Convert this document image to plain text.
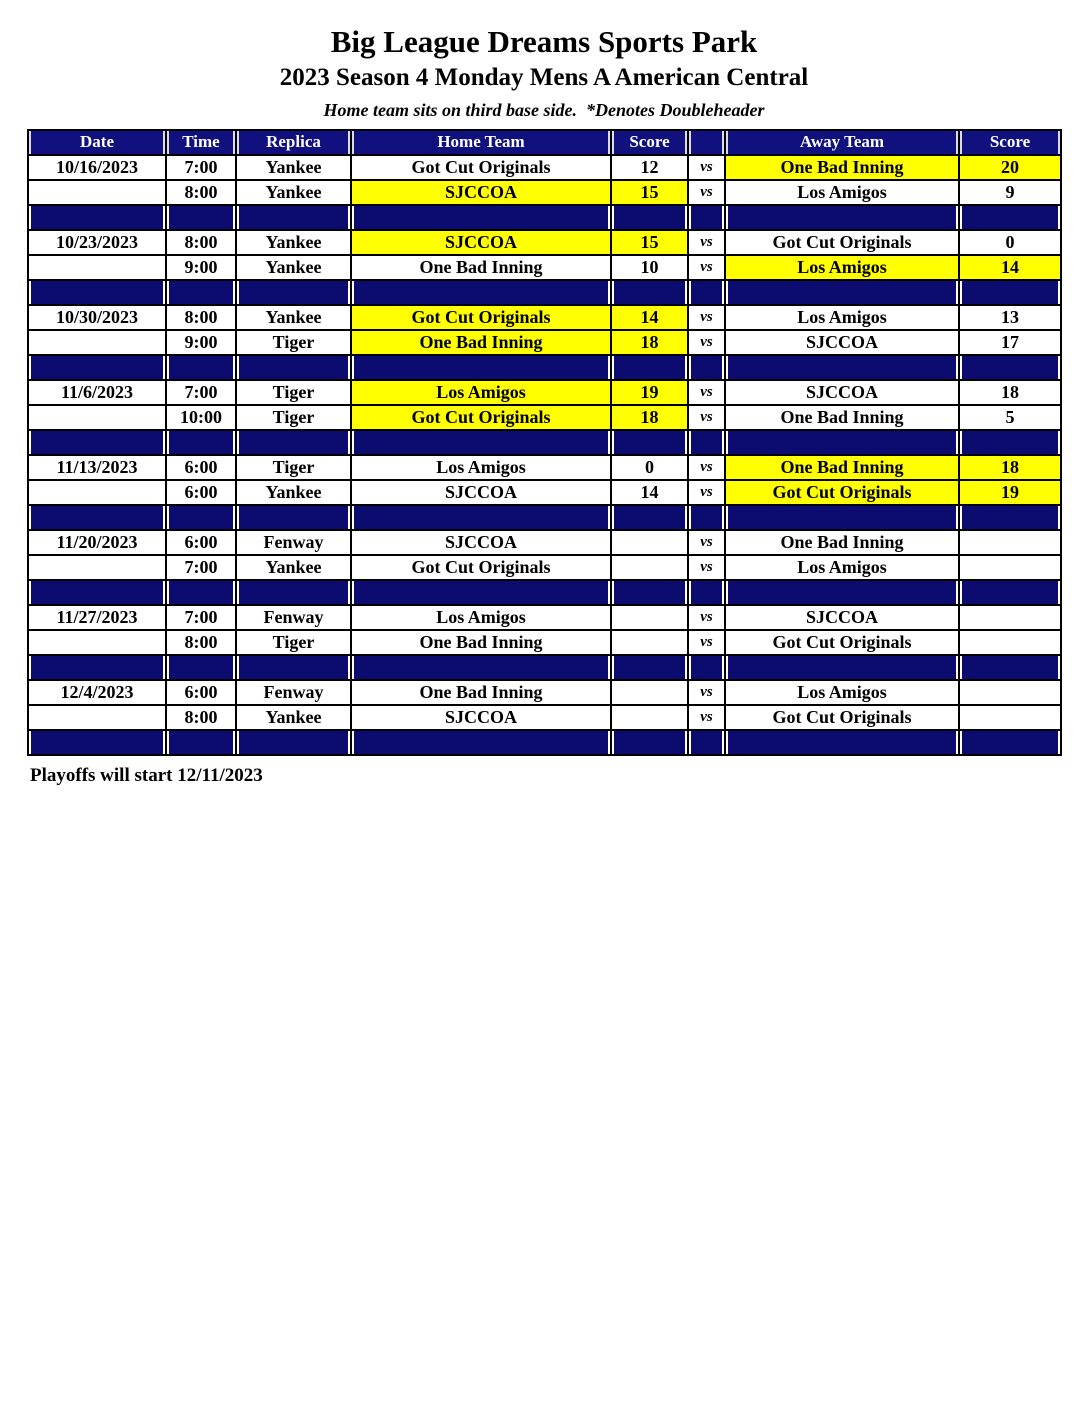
Big League Dreams Sports Park
2023 Season 4 Monday Mens A American Central
Home team sits on third base side.  *Denotes Doubleheader
Date	Time	Replica	Home Team	Score		Away Team	Score
10/16/2023	7:00	Yankee	Got Cut Originals	12	vs	One Bad Inning	20
	8:00	Yankee	SJCCOA	15	vs	Los Amigos	9

10/23/2023	8:00	Yankee	SJCCOA	15	vs	Got Cut Originals	0
	9:00	Yankee	One Bad Inning	10	vs	Los Amigos	14

10/30/2023	8:00	Yankee	Got Cut Originals	14	vs	Los Amigos	13
	9:00	Tiger	One Bad Inning	18	vs	SJCCOA	17

11/6/2023	7:00	Tiger	Los Amigos	19	vs	SJCCOA	18
	10:00	Tiger	Got Cut Originals	18	vs	One Bad Inning	5

11/13/2023	6:00	Tiger	Los Amigos	0	vs	One Bad Inning	18
	6:00	Yankee	SJCCOA	14	vs	Got Cut Originals	19

11/20/2023	6:00	Fenway	SJCCOA		vs	One Bad Inning	
	7:00	Yankee	Got Cut Originals		vs	Los Amigos	

11/27/2023	7:00	Fenway	Los Amigos		vs	SJCCOA	
	8:00	Tiger	One Bad Inning		vs	Got Cut Originals	

12/4/2023	6:00	Fenway	One Bad Inning		vs	Los Amigos	
	8:00	Yankee	SJCCOA		vs	Got Cut Originals	

Playoffs will start 12/11/2023
